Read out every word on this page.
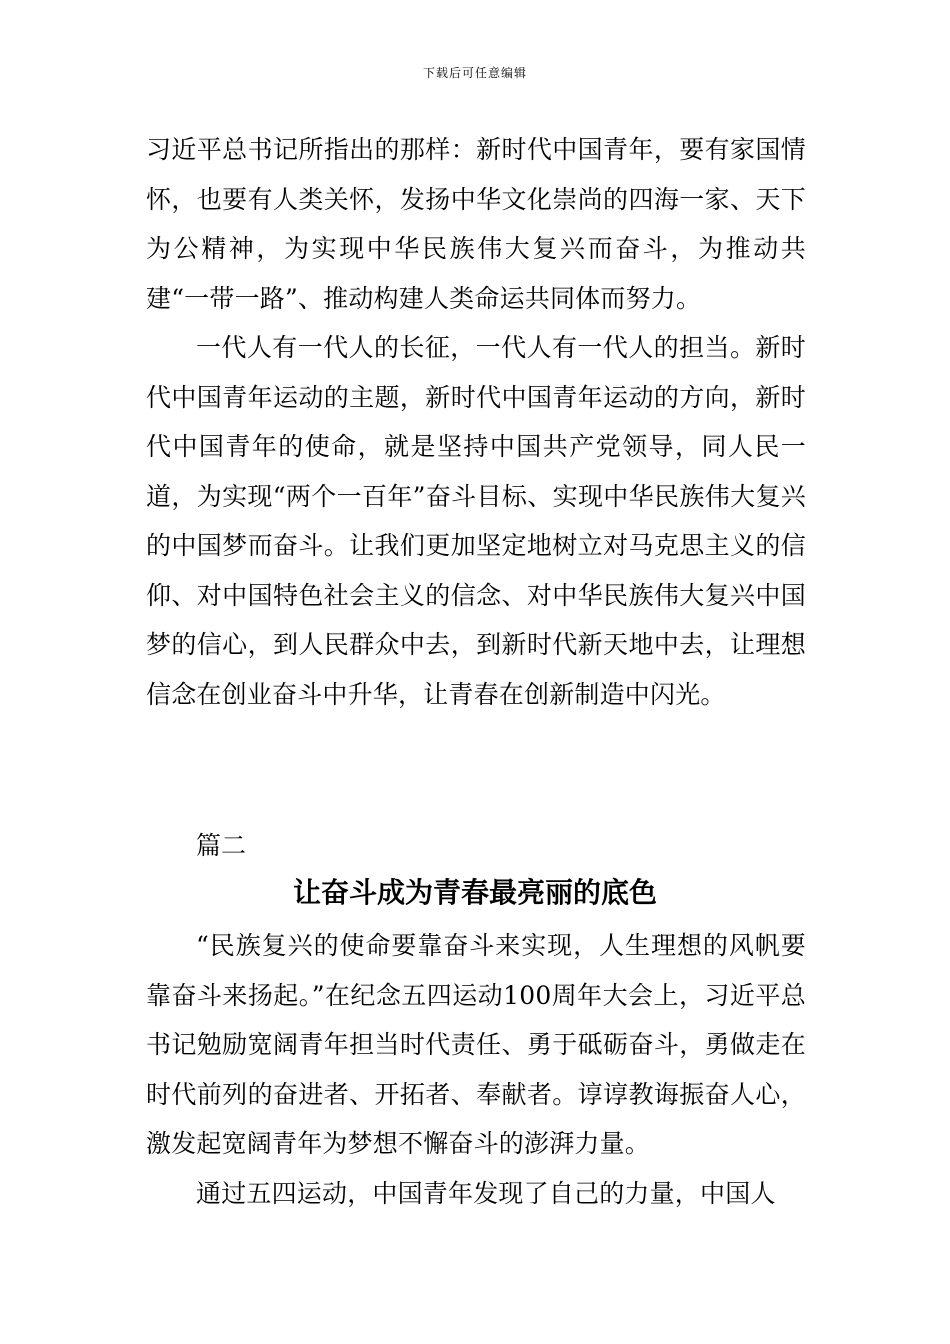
下载后可任意编辑

习近平总书记所指出的那样：新时代中国青年，要有家国情怀，也要有人类关怀，发扬中华文化崇尚的四海一家、天下为公精神，为实现中华民族伟大复兴而奋斗，为推动共建“一带一路”、推动构建人类命运共同体而努力。

一代人有一代人的长征，一代人有一代人的担当。新时代中国青年运动的主题，新时代中国青年运动的方向，新时代中国青年的使命，就是坚持中国共产党领导，同人民一道，为实现“两个一百年”奋斗目标、实现中华民族伟大复兴的中国梦而奋斗。让我们更加坚定地树立对马克思主义的信仰、对中国特色社会主义的信念、对中华民族伟大复兴中国梦的信心，到人民群众中去，到新时代新天地中去，让理想信念在创业奋斗中升华，让青春在创新制造中闪光。

篇二
让奋斗成为青春最亮丽的底色

“民族复兴的使命要靠奋斗来实现，人生理想的风帆要靠奋斗来扬起。”在纪念五四运动100周年大会上，习近平总书记勉励宽阔青年担当时代责任、勇于砥砺奋斗，勇做走在时代前列的奋进者、开拓者、奉献者。谆谆教诲振奋人心，激发起宽阔青年为梦想不懈奋斗的澎湃力量。

通过五四运动，中国青年发现了自己的力量，中国人
